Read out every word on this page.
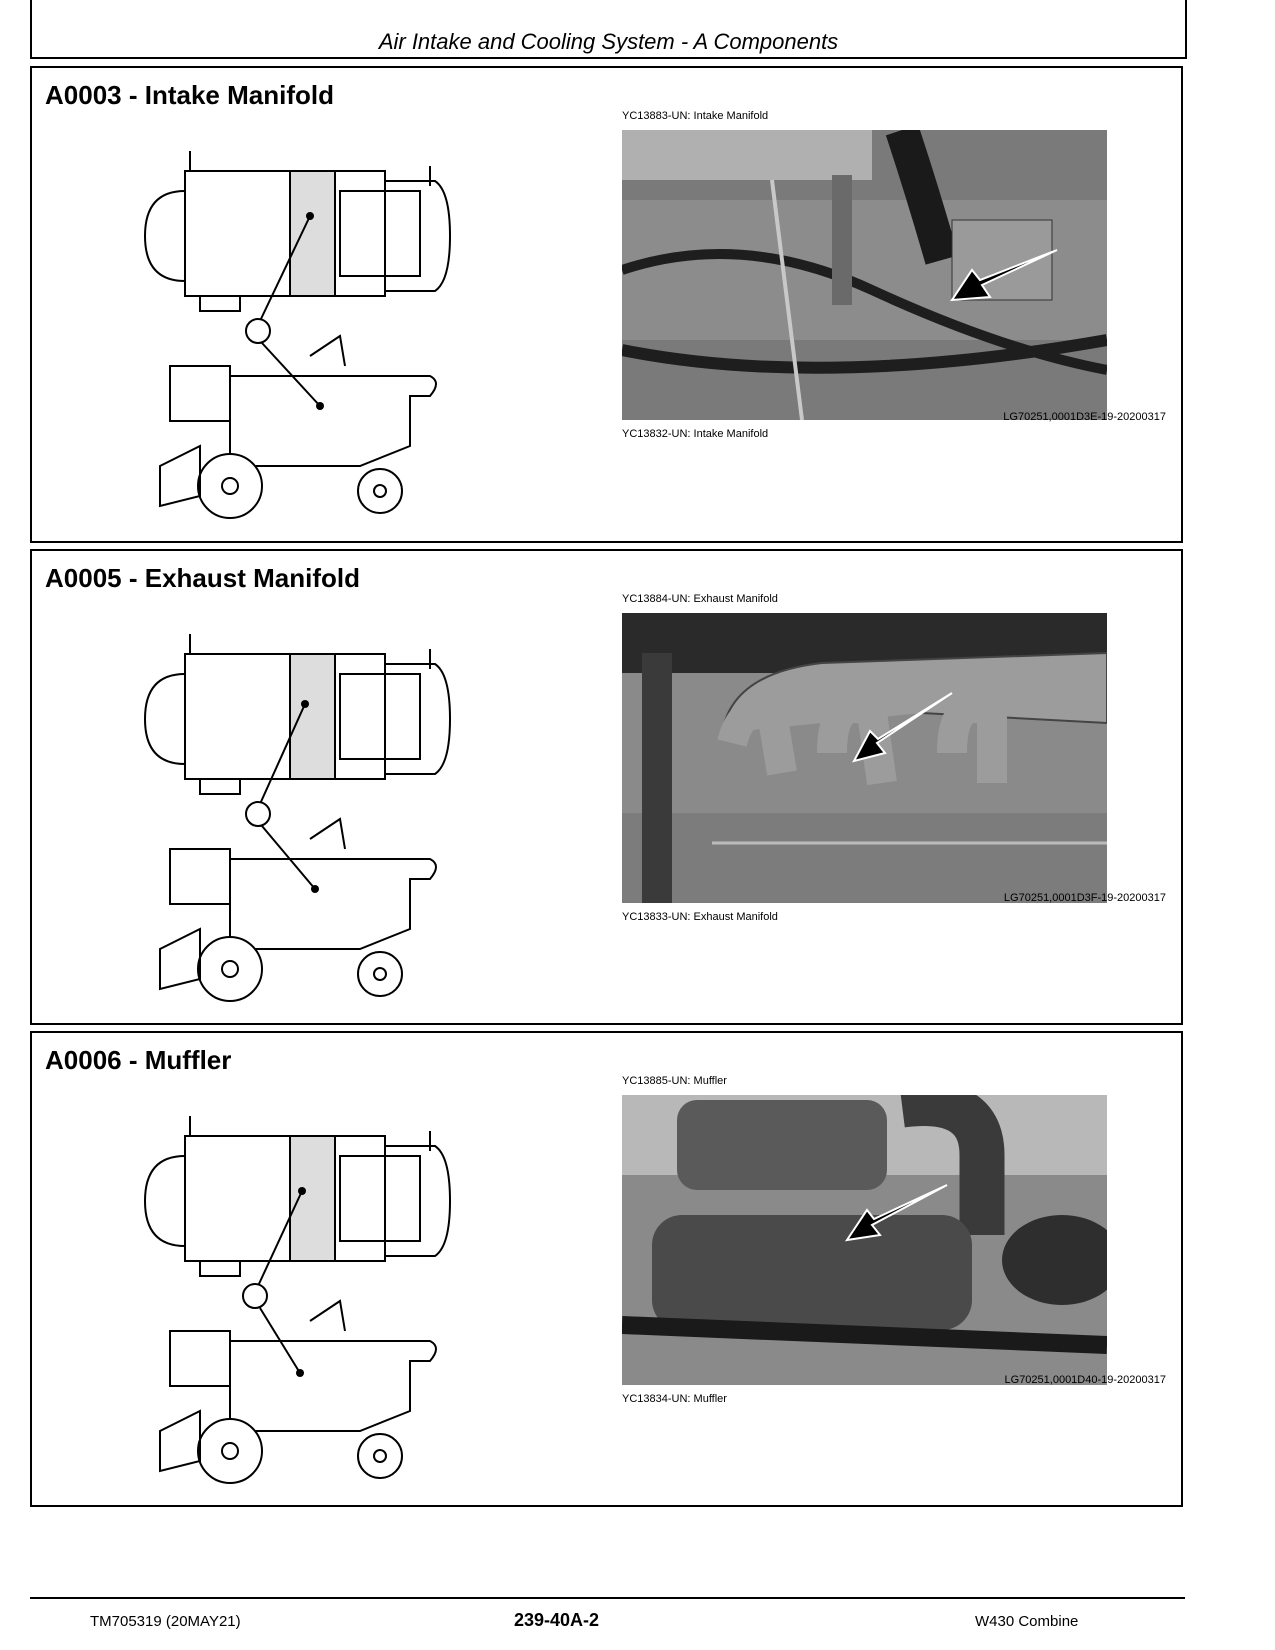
Air Intake and Cooling System - A Components
A0003 - Intake Manifold
YC13883-UN: Intake Manifold
YC13832-UN: Intake Manifold
LG70251,0001D3E-19-20200317
A0005 - Exhaust Manifold
YC13884-UN: Exhaust Manifold
YC13833-UN: Exhaust Manifold
LG70251,0001D3F-19-20200317
A0006 - Muffler
YC13885-UN: Muffler
YC13834-UN: Muffler
LG70251,0001D40-19-20200317
TM705319 (20MAY21)	239-40A-2	W430 Combine
